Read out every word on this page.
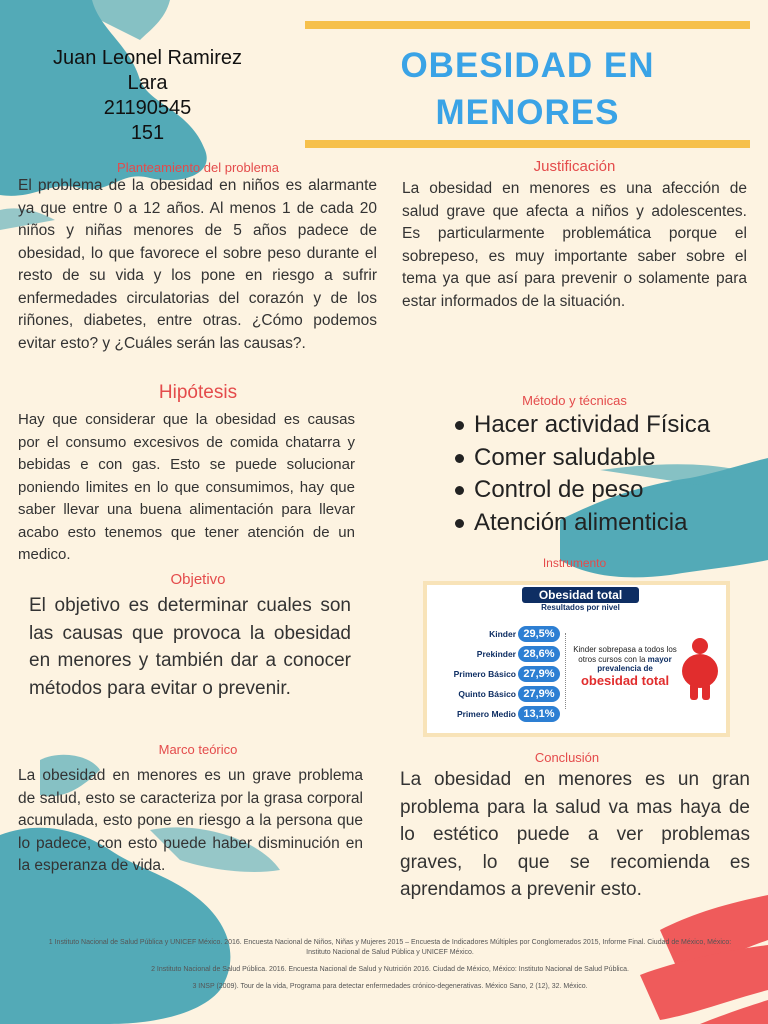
Juan Leonel Ramirez
Lara
21190545
151
OBESIDAD EN
MENORES
Planteamiento del problema

El problema de la obesidad en niños es alarmante ya que entre 0 a 12 años. Al menos 1 de cada 20 niños y niñas menores de 5 años padece de obesidad, lo que favorece el sobre peso durante el resto de su vida y los pone en riesgo a sufrir enfermedades circulatorias del corazón y de los riñones, diabetes, entre otras. ¿Cómo podemos evitar esto? y ¿Cuáles serán las causas?.

Justificación

La obesidad en menores es una afección de salud grave que afecta a niños y adolescentes. Es particularmente problemática porque el sobrepeso, es muy importante saber sobre el tema ya que así para prevenir o solamente para estar informados de la situación.

Hipótesis

Hay que considerar que la obesidad es causas por el consumo excesivos de comida chatarra y bebidas e con gas. Esto se puede solucionar poniendo limites en lo que consumimos, hay que saber llevar una buena alimentación para llevar acabo esto tenemos que tener atención de un medico.

Método y técnicas
Hacer actividad Física
Comer saludable
Control de peso
Atención alimenticia
Objetivo

El objetivo es determinar cuales son las causas que provoca la obesidad en menores y también dar a conocer métodos para evitar o prevenir.

Instrumento
Obesidad total
Resultados por nivel
Kinder 29,5%
Prekinder 28,6%
Primero Básico 27,9%
Quinto Básico 27,9%
Primero Medio 13,1%
Kinder sobrepasa a todos los otros cursos con la mayor prevalencia de
obesidad total
Marco teórico

La obesidad en menores es un grave problema de salud, esto se caracteriza por la grasa corporal acumulada, esto pone en riesgo a la persona que lo padece, con esto puede haber disminución en la esperanza de vida.

Conclusión

La obesidad en menores es un gran problema para la salud va mas haya de lo estético puede a ver problemas graves, lo que se recomienda es aprendamos a prevenir esto.

1 Instituto Nacional de Salud Pública y UNICEF México. 2016. Encuesta Nacional de Niños, Niñas y Mujeres 2015 – Encuesta de Indicadores Múltiples por Conglomerados 2015, Informe Final. Ciudad de México, México: Instituto Nacional de Salud Pública y UNICEF México.

2 Instituto Nacional de Salud Pública. 2016. Encuesta Nacional de Salud y Nutrición 2016. Ciudad de México, México: Instituto Nacional de Salud Pública.

3 INSP (2009). Tour de la vida, Programa para detectar enfermedades crónico-degenerativas. México Sano, 2 (12), 32. México.
